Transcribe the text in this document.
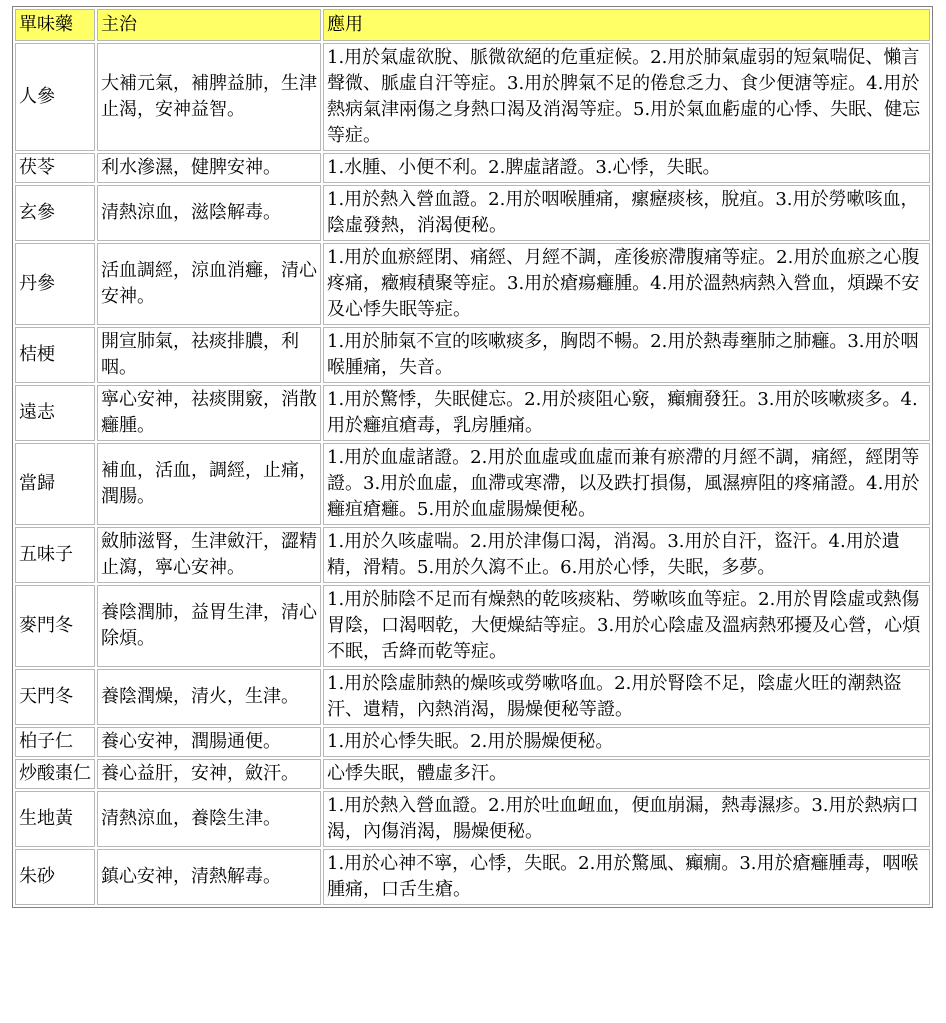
單味藥	主治	應用
人參	大補元氣，補脾益肺，生津止渴，安神益智。	1.用於氣虛欲脫、脈微欲絕的危重症候。2.用於肺氣虛弱的短氣喘促、懶言聲微、脈虛自汗等症。3.用於脾氣不足的倦怠乏力、食少便溏等症。4.用於熱病氣津兩傷之身熱口渴及消渴等症。5.用於氣血虧虛的心悸、失眠、健忘等症。
茯苓	利水滲濕，健脾安神。	1.水腫、小便不利。2.脾虛諸證。3.心悸，失眠。
玄參	清熱涼血，滋陰解毒。	1.用於熱入營血證。2.用於咽喉腫痛，瘰癧痰核，脫疽。3.用於勞嗽咳血，陰虛發熱，消渴便秘。
丹參	活血調經，涼血消癰，清心安神。	1.用於血瘀經閉、痛經、月經不調，產後瘀滯腹痛等症。2.用於血瘀之心腹疼痛，癥瘕積聚等症。3.用於瘡瘍癰腫。4.用於溫熱病熱入營血，煩躁不安及心悸失眠等症。
桔梗	開宣肺氣，祛痰排膿，利咽。	1.用於肺氣不宣的咳嗽痰多，胸悶不暢。2.用於熱毒壅肺之肺癰。3.用於咽喉腫痛，失音。
遠志	寧心安神，祛痰開竅，消散癰腫。	1.用於驚悸，失眠健忘。2.用於痰阻心竅，癲癇發狂。3.用於咳嗽痰多。4.用於癰疽瘡毒，乳房腫痛。
當歸	補血，活血，調經，止痛，潤腸。	1.用於血虛諸證。2.用於血虛或血虛而兼有瘀滯的月經不調，痛經，經閉等證。3.用於血虛，血滯或寒滯，以及跌打損傷，風濕痹阻的疼痛證。4.用於癰疽瘡癰。5.用於血虛腸燥便秘。
五味子	斂肺滋腎，生津斂汗，澀精止瀉，寧心安神。	1.用於久咳虛喘。2.用於津傷口渴，消渴。3.用於自汗，盜汗。4.用於遺精，滑精。5.用於久瀉不止。6.用於心悸，失眠，多夢。
麥門冬	養陰潤肺，益胃生津，清心除煩。	1.用於肺陰不足而有燥熱的乾咳痰粘、勞嗽咳血等症。2.用於胃陰虛或熱傷胃陰，口渴咽乾，大便燥結等症。3.用於心陰虛及溫病熱邪擾及心營，心煩不眠，舌絳而乾等症。
天門冬	養陰潤燥，清火，生津。	1.用於陰虛肺熱的燥咳或勞嗽咯血。2.用於腎陰不足，陰虛火旺的潮熱盜汗、遺精，內熱消渴，腸燥便秘等證。
柏子仁	養心安神，潤腸通便。	1.用於心悸失眠。2.用於腸燥便秘。
炒酸棗仁	養心益肝，安神，斂汗。	心悸失眠，體虛多汗。
生地黃	清熱涼血，養陰生津。	1.用於熱入營血證。2.用於吐血衄血，便血崩漏，熱毒濕疹。3.用於熱病口渴，內傷消渴，腸燥便秘。
朱砂	鎮心安神，清熱解毒。	1.用於心神不寧，心悸，失眠。2.用於驚風、癲癇。3.用於瘡癰腫毒，咽喉腫痛，口舌生瘡。
